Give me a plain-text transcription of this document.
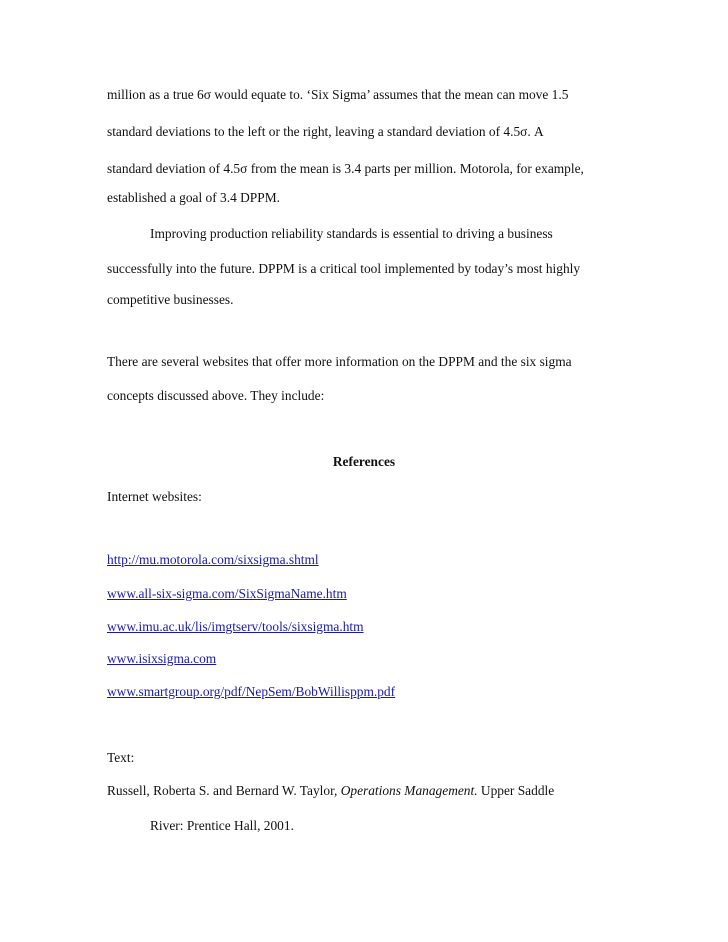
million as a true 6σ would equate to. ‘Six Sigma’ assumes that the mean can move 1.5

standard deviations to the left or the right, leaving a standard deviation of 4.5σ. A

standard deviation of 4.5σ from the mean is 3.4 parts per million. Motorola, for example,

established a goal of 3.4 DPPM.

Improving production reliability standards is essential to driving a business

successfully into the future. DPPM is a critical tool implemented by today’s most highly

competitive businesses.

There are several websites that offer more information on the DPPM and the six sigma

concepts discussed above. They include:

References

Internet websites:

http://mu.motorola.com/sixsigma.shtml
www.all-six-sigma.com/SixSigmaName.htm
www.imu.ac.uk/lis/imgtserv/tools/sixsigma.htm
www.isixsigma.com
www.smartgroup.org/pdf/NepSem/BobWillisppm.pdf

Text:

Russell, Roberta S. and Bernard W. Taylor, Operations Management. Upper Saddle

River: Prentice Hall, 2001.
